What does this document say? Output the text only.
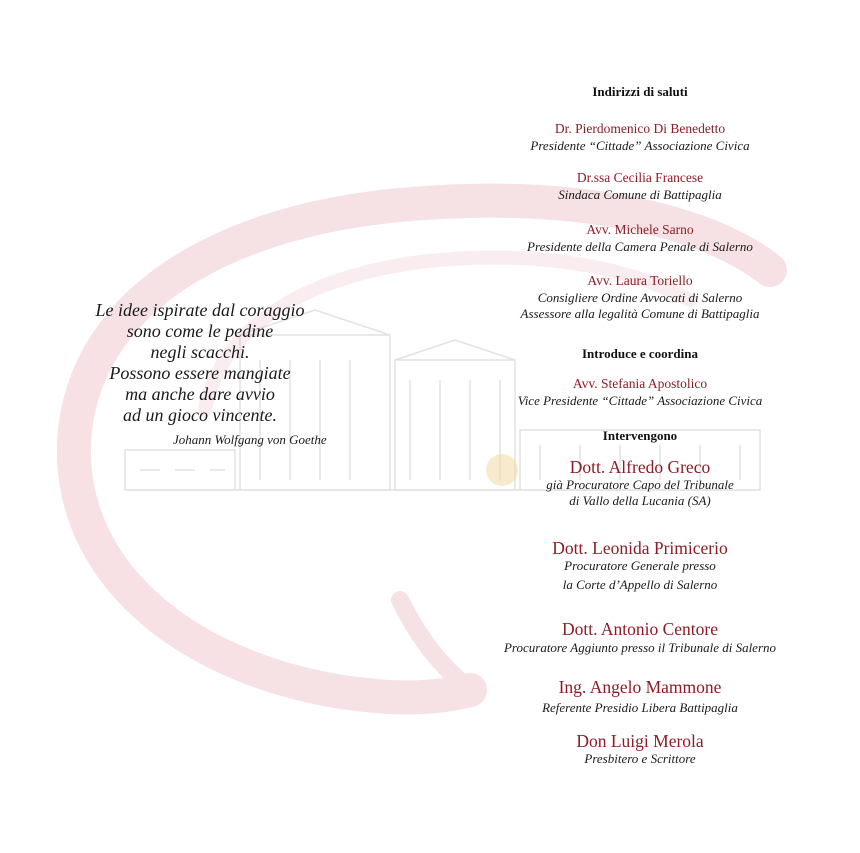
Le idee ispirate dal coraggio
sono come le pedine
negli scacchi.
Possono essere mangiate
ma anche dare avvio
ad un gioco vincente.
Johann Wolfgang von Goethe
Indirizzi di saluti
Dr. Pierdomenico Di Benedetto
Presidente “Cittade” Associazione Civica
Dr.ssa Cecilia Francese
Sindaca Comune di Battipaglia
Avv. Michele Sarno
Presidente della Camera Penale di Salerno
Avv. Laura Toriello
Consigliere Ordine Avvocati di Salerno
Assessore alla legalità Comune di Battipaglia
Introduce e coordina
Avv. Stefania Apostolico
Vice Presidente “Cittade” Associazione Civica
Intervengono
Dott. Alfredo Greco
già Procuratore Capo del Tribunale
di Vallo della Lucania (SA)
Dott. Leonida Primicerio
Procuratore Generale presso
la Corte d’Appello di Salerno
Dott. Antonio Centore
Procuratore Aggiunto presso il Tribunale di Salerno
Ing. Angelo Mammone
Referente Presidio Libera Battipaglia
Don Luigi Merola
Presbitero e Scrittore
